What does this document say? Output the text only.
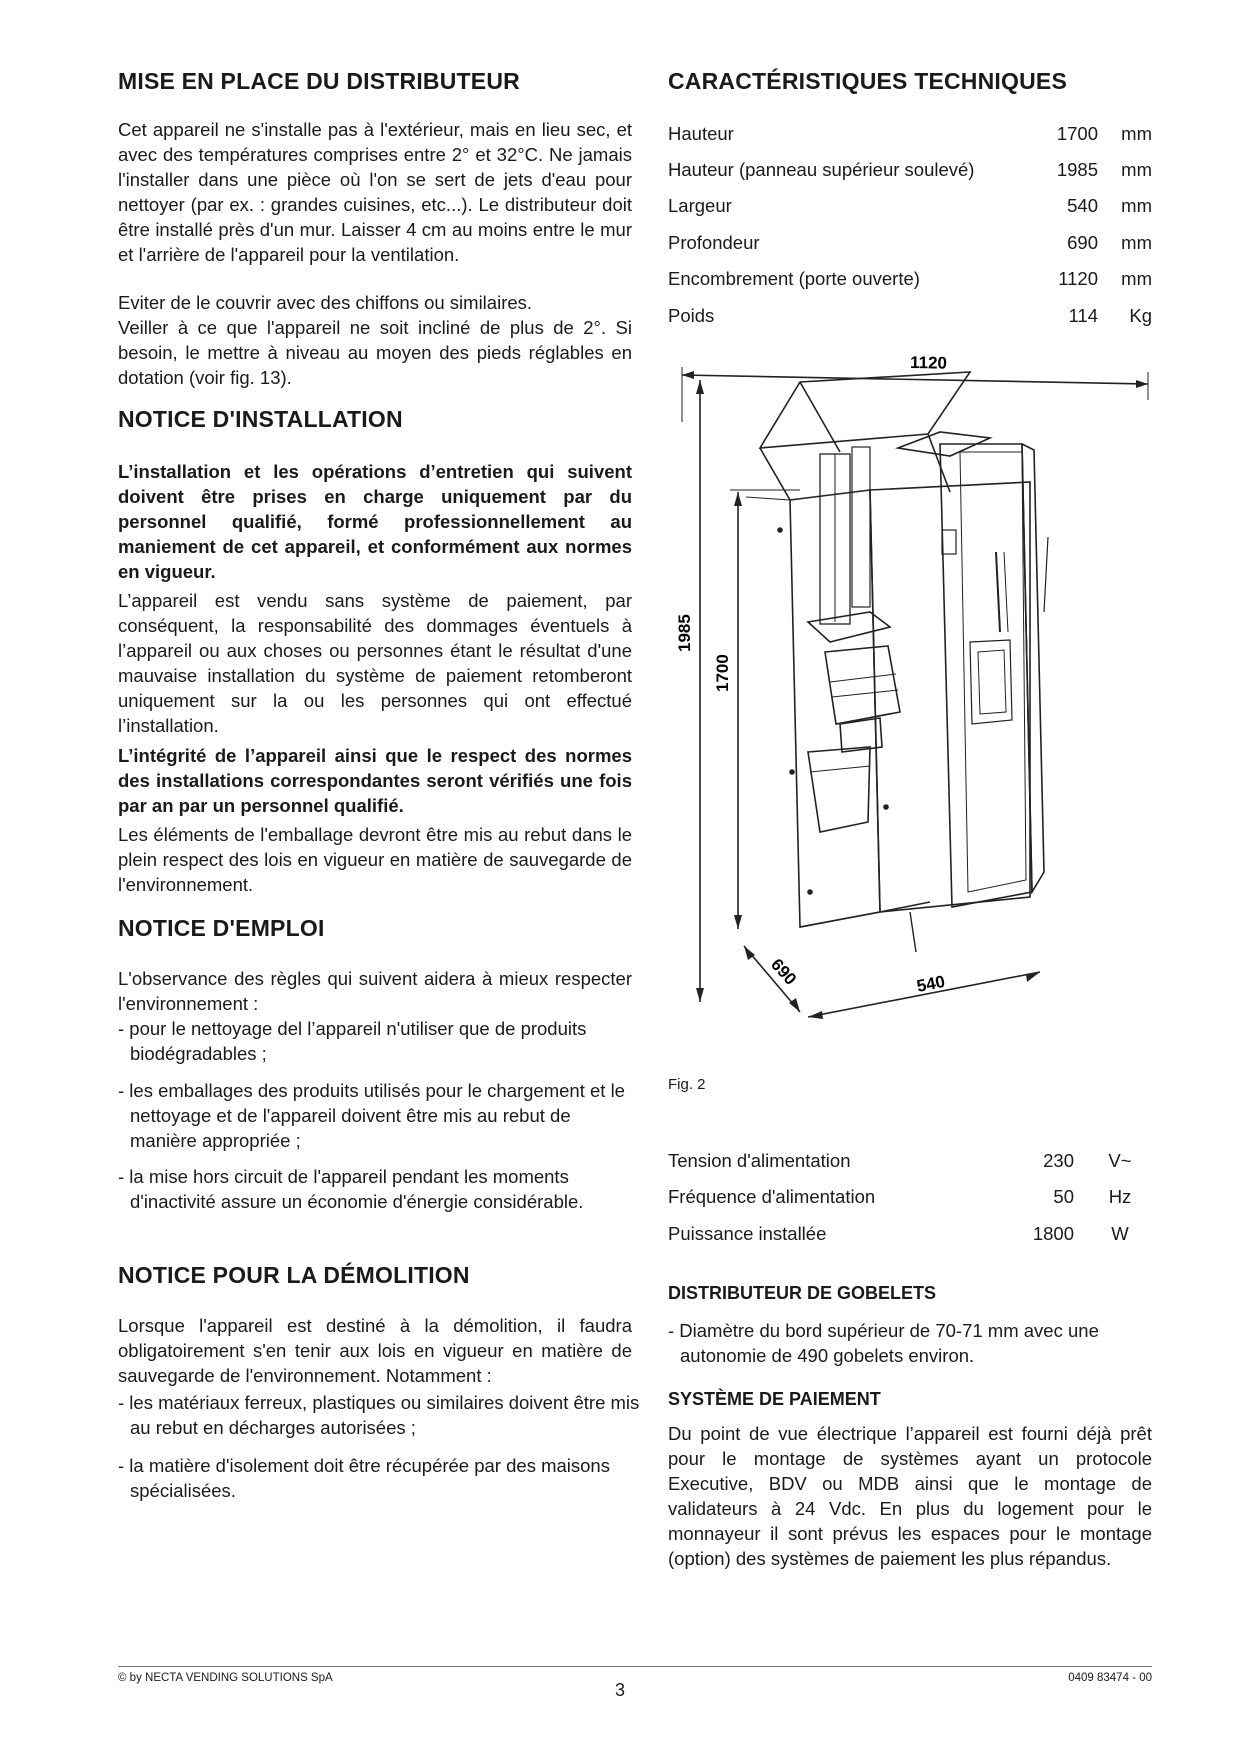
MISE EN PLACE DU DISTRIBUTEUR

Cet appareil ne s'installe pas à l'extérieur, mais en lieu sec, et avec des températures comprises entre 2° et 32°C. Ne jamais l'installer dans une pièce où l'on se sert de jets d'eau pour nettoyer (par ex. : grandes cuisines, etc...). Le distributeur doit être installé près d'un mur. Laisser 4 cm au moins entre le mur et l'arrière de l'appareil pour la ventilation.

Eviter de le couvrir avec des chiffons ou similaires.

Veiller à ce que l'appareil ne soit incliné de plus de 2°. Si besoin, le mettre à niveau au moyen des pieds réglables en dotation (voir fig. 13).

NOTICE D'INSTALLATION

L’installation et les opérations d’entretien qui suivent doivent être prises en charge uniquement par du personnel qualifié, formé professionnellement au maniement de cet appareil, et conformément aux normes en vigueur.

L’appareil est vendu sans système de paiement, par conséquent, la responsabilité des dommages éventuels à l’appareil ou aux choses ou personnes étant le résultat d'une mauvaise installation du système de paiement retomberont uniquement sur la ou les personnes qui ont effectué l’installation.

L’intégrité de l’appareil ainsi que le respect des normes des installations correspondantes seront vérifiés une fois par an par un personnel qualifié.

Les éléments de l'emballage devront être mis au rebut dans le plein respect des lois en vigueur en matière de sauvegarde de l'environnement.

NOTICE D'EMPLOI

L'observance des règles qui suivent aidera à mieux respecter l'environnement :

- pour le nettoyage del l’appareil n'utiliser que de produits biodégradables ;

- les emballages des produits utilisés pour le chargement et le nettoyage et de l'appareil doivent être mis au rebut de manière appropriée ;

- la mise hors circuit de l'appareil pendant les moments d'inactivité assure un économie d'énergie considérable.

NOTICE POUR LA DÉMOLITION

Lorsque l'appareil est destiné à la démolition, il faudra obligatoirement s'en tenir aux lois en vigueur en matière de sauvegarde de l'environnement. Notamment :

- les matériaux ferreux, plastiques ou similaires doivent être mis au rebut en décharges autorisées ;

- la matière d'isolement doit être récupérée par des maisons spécialisées.

CARACTÉRISTIQUES TECHNIQUES
Hauteur	1700	mm
Hauteur (panneau supérieur soulevé)	1985	mm
Largeur	540	mm
Profondeur	690	mm
Encombrement (porte ouverte)	1120	mm
Poids	114	Kg
1120
1985
1700
690	540
Fig. 2
Tension d'alimentation	230	V~
Fréquence d'alimentation	50	Hz
Puissance installée	1800	W
DISTRIBUTEUR DE GOBELETS

- Diamètre du bord supérieur de 70-71 mm avec une autonomie de 490 gobelets environ.

SYSTÈME DE PAIEMENT

Du point de vue électrique l’appareil est fourni déjà prêt pour le montage de systèmes ayant un protocole Executive, BDV ou MDB ainsi que le montage de validateurs à 24 Vdc. En plus du logement pour le monnayeur il sont prévus les espaces pour le montage (option) des systèmes de paiement les plus répandus.

© by NECTA VENDING SOLUTIONS SpA
3
0409 83474 - 00
